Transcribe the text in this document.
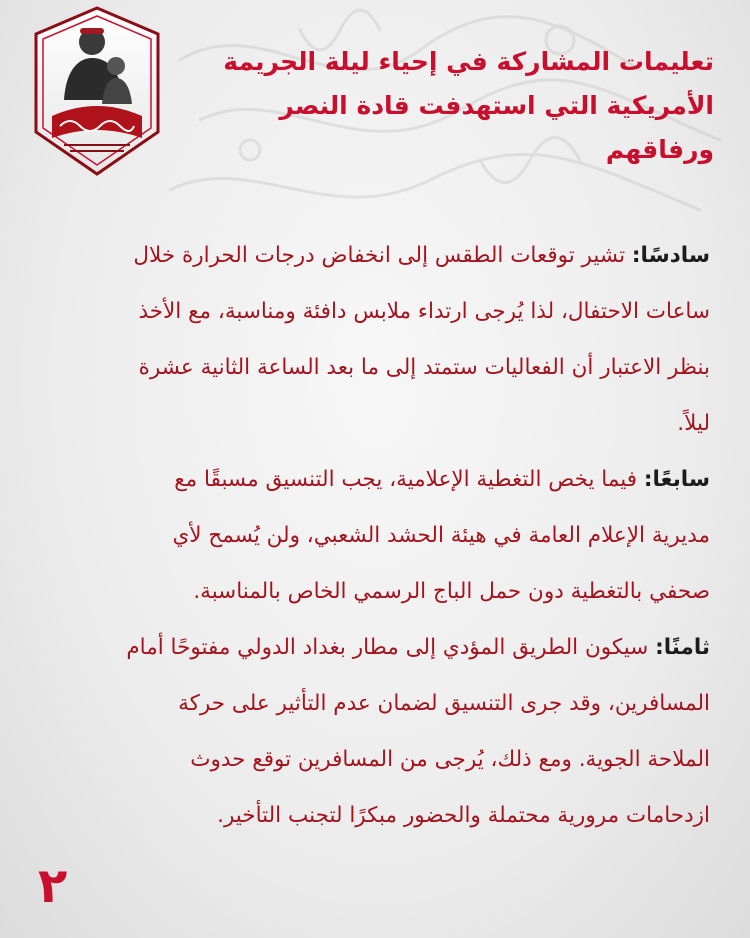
تعليمات المشاركة في إحياء ليلة الجريمة
الأمريكية التي استهدفت قادة النصر
ورفاقهم
سادسًا: تشير توقعات الطقس إلى انخفاض درجات الحرارة خلال
ساعات الاحتفال، لذا يُرجى ارتداء ملابس دافئة ومناسبة، مع الأخذ
بنظر الاعتبار أن الفعاليات ستمتد إلى ما بعد الساعة الثانية عشرة
ليلاً.
سابعًا: فيما يخص التغطية الإعلامية، يجب التنسيق مسبقًا مع
مديرية الإعلام العامة في هيئة الحشد الشعبي، ولن يُسمح لأي
صحفي بالتغطية دون حمل الباج الرسمي الخاص بالمناسبة.
ثامنًا: سيكون الطريق المؤدي إلى مطار بغداد الدولي مفتوحًا أمام
المسافرين، وقد جرى التنسيق لضمان عدم التأثير على حركة
الملاحة الجوية. ومع ذلك، يُرجى من المسافرين توقع حدوث
ازدحامات مرورية محتملة والحضور مبكرًا لتجنب التأخير.
٢
